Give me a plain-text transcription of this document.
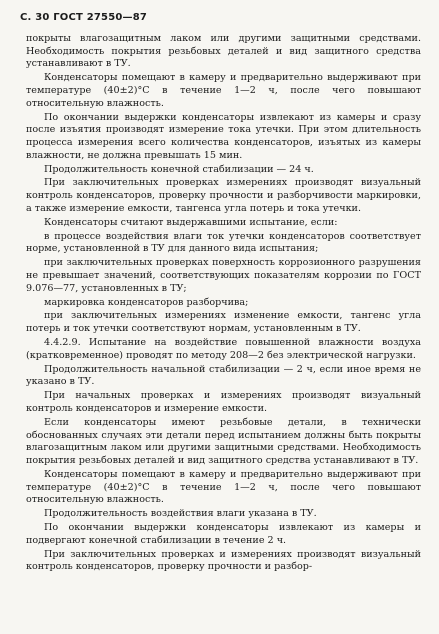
С. 30 ГОСТ 27550—87

покрыты влагозащитным лаком или другими защитными средствами. Необходимость покрытия резьбовых деталей и вид защитного средства устанавливают в ТУ.

Конденсаторы помещают в камеру и предварительно выдерживают при температуре (40±2)°С в течение 1—2 ч, после чего повышают относительную влажность.

По окончании выдержки конденсаторы извлекают из камеры и сразу после изъятия производят измерение тока утечки. При этом длительность процесса измерения всего количества конденсаторов, изъятых из камеры влажности, не должна превышать 15 мин.

Продолжительность конечной стабилизации — 24 ч.

При заключительных проверках измерениях производят визуальный контроль конденсаторов, проверку прочности и разборчивости маркировки, а также измерение емкости, тангенса угла потерь и тока утечки.

Конденсаторы считают выдержавшими испытание, если:

в процессе воздействия влаги ток утечки конденсаторов соответствует норме, установленной в ТУ для данного вида испытания;

при заключительных проверках поверхность коррозионного разрушения не превышает значений, соответствующих показателям коррозии по ГОСТ 9.076—77, установленных в ТУ;

маркировка конденсаторов разборчива;

при заключительных измерениях изменение емкости, тангенс угла потерь и ток утечки соответствуют нормам, установленным в ТУ.

4.4.2.9. Испытание на воздействие повышенной влажности воздуха (кратковременное) проводят по методу 208—2 без электрической нагрузки.

Продолжительность начальной стабилизации — 2 ч, если иное время не указано в ТУ.

При начальных проверках и измерениях производят визуальный контроль конденсаторов и измерение емкости.

Если конденсаторы имеют резьбовые детали, в технически обоснованных случаях эти детали перед испытанием должны быть покрыты влагозащитным лаком или другими защитными средствами. Необходимость покрытия резьбовых деталей и вид защитного средства устанавливают в ТУ.

Конденсаторы помещают в камеру и предварительно выдерживают при температуре (40±2)°С в течение 1—2 ч, после чего повышают относительную влажность.

Продолжительность воздействия влаги указана в ТУ.

По окончании выдержки конденсаторы извлекают из камеры и подвергают конечной стабилизации в течение 2 ч.

При заключительных проверках и измерениях производят визуальный контроль конденсаторов, проверку прочности и разбор-
